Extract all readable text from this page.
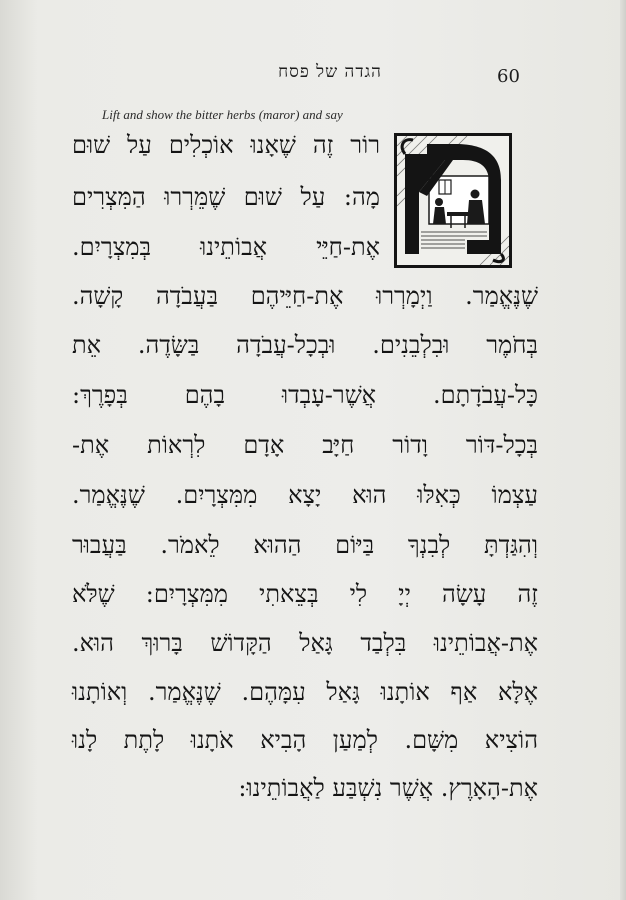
הגדה של פסח	60
Lift and show the bitter herbs (maror) and say
רוֹר זֶה שֶׁאָנוּ אוֹכְלִים עַל שׁוּם
מָה: עַל שׁוּם שֶׁמֵּרְרוּ הַמִּצְרִים
אֶת-חַיֵּי אֲבוֹתֵינוּ בְּמִצְרָיִם.
שֶׁנֶּאֱמַר. וַיְמָרְרוּ אֶת-חַיֵּיהֶם בַּעֲבֹדָה קָשָׁה.
בְּחֹמֶר וּבִלְבֵנִים. וּבְכָל-עֲבֹדָה בַּשָּׂדֶה. אֵת
כָּל-עֲבֹדָתָם. אֲשֶׁר-עָבְדוּ בָהֶם בְּפָרֶךְ:
בְּכָל-דּוֹר וָדוֹר חַיָּב אָדָם לִרְאוֹת אֶת-
עַצְמוֹ כְּאִלּוּ הוּא יָצָא מִמִּצְרָיִם. שֶׁנֶּאֱמַר.
וְהִגַּדְתָּ לְבִנְךָ בַּיּוֹם הַהוּא לֵאמֹר. בַּעֲבוּר
זֶה עָשָׂה יְיָ לִי בְּצֵאתִי מִמִּצְרָיִם: שֶׁלֹּא
אֶת-אֲבוֹתֵינוּ בִּלְבַד גָּאַל הַקָּדוֹשׁ בָּרוּךְ הוּא.
אֶלָּא אַף אוֹתָנוּ גָּאַל עִמָּהֶם. שֶׁנֶּאֱמַר. וְאוֹתָנוּ
הוֹצִיא מִשָּׁם. לְמַעַן הָבִיא אֹתָנוּ לָתֶת לָנוּ
אֶת-הָאָרֶץ. אֲשֶׁר נִשְׁבַּע לַאֲבוֹתֵינוּ:
